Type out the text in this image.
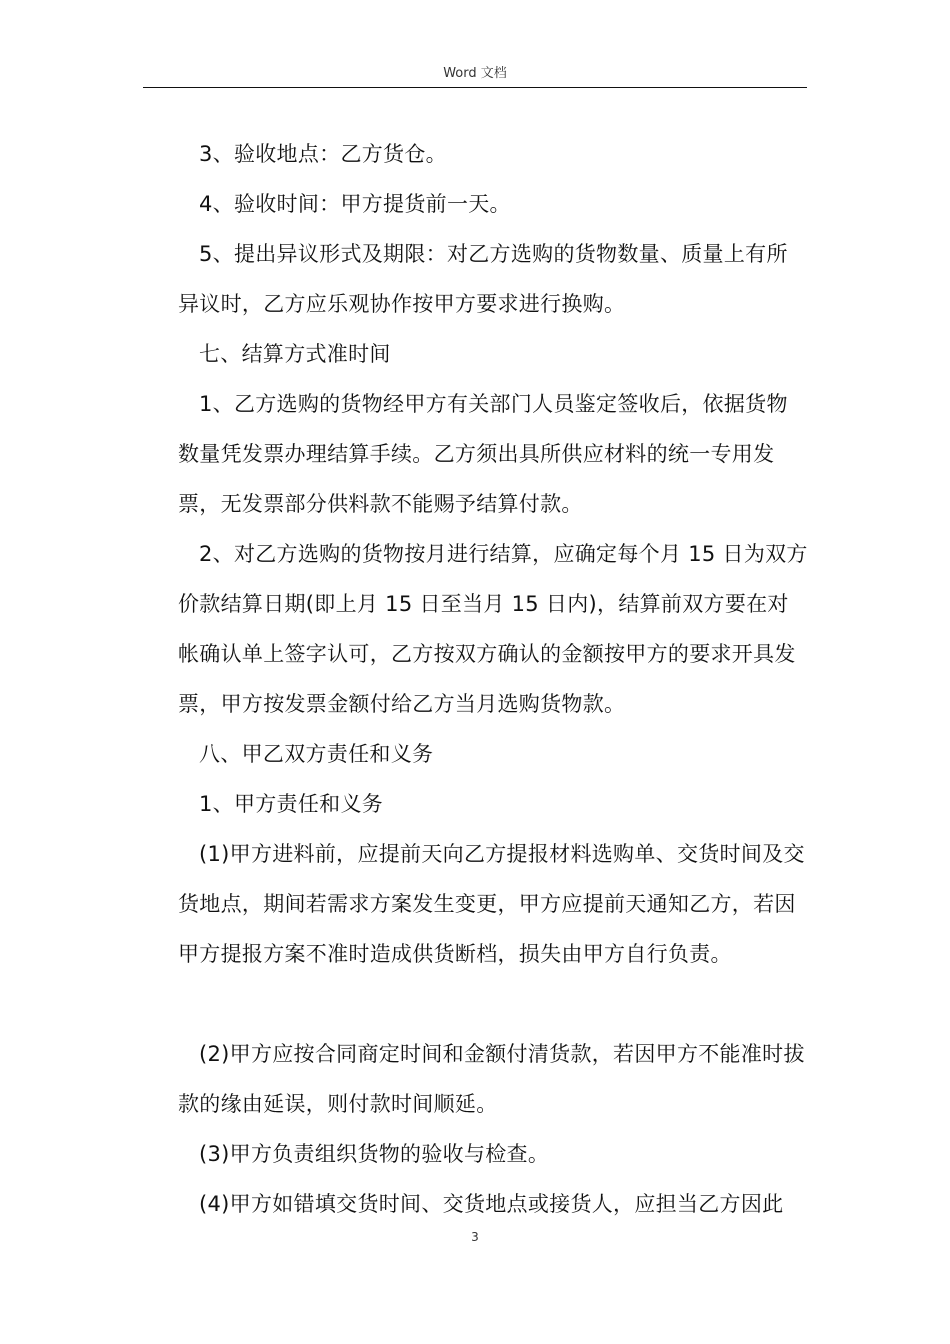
Word 文档

3、验收地点：乙方货仓。

4、验收时间：甲方提货前一天。

5、提出异议形式及期限：对乙方选购的货物数量、质量上有所异议时，乙方应乐观协作按甲方要求进行换购。

七、结算方式准时间

1、乙方选购的货物经甲方有关部门人员鉴定签收后，依据货物数量凭发票办理结算手续。乙方须出具所供应材料的统一专用发票，无发票部分供料款不能赐予结算付款。

2、对乙方选购的货物按月进行结算，应确定每个月 15 日为双方价款结算日期(即上月 15 日至当月 15 日内)，结算前双方要在对帐确认单上签字认可，乙方按双方确认的金额按甲方的要求开具发票，甲方按发票金额付给乙方当月选购货物款。

八、甲乙双方责任和义务

1、甲方责任和义务

(1)甲方进料前，应提前天向乙方提报材料选购单、交货时间及交货地点，期间若需求方案发生变更，甲方应提前天通知乙方，若因甲方提报方案不准时造成供货断档，损失由甲方自行负责。

(2)甲方应按合同商定时间和金额付清货款，若因甲方不能准时拔款的缘由延误，则付款时间顺延。

(3)甲方负责组织货物的验收与检查。

(4)甲方如错填交货时间、交货地点或接货人，应担当乙方因此

3
